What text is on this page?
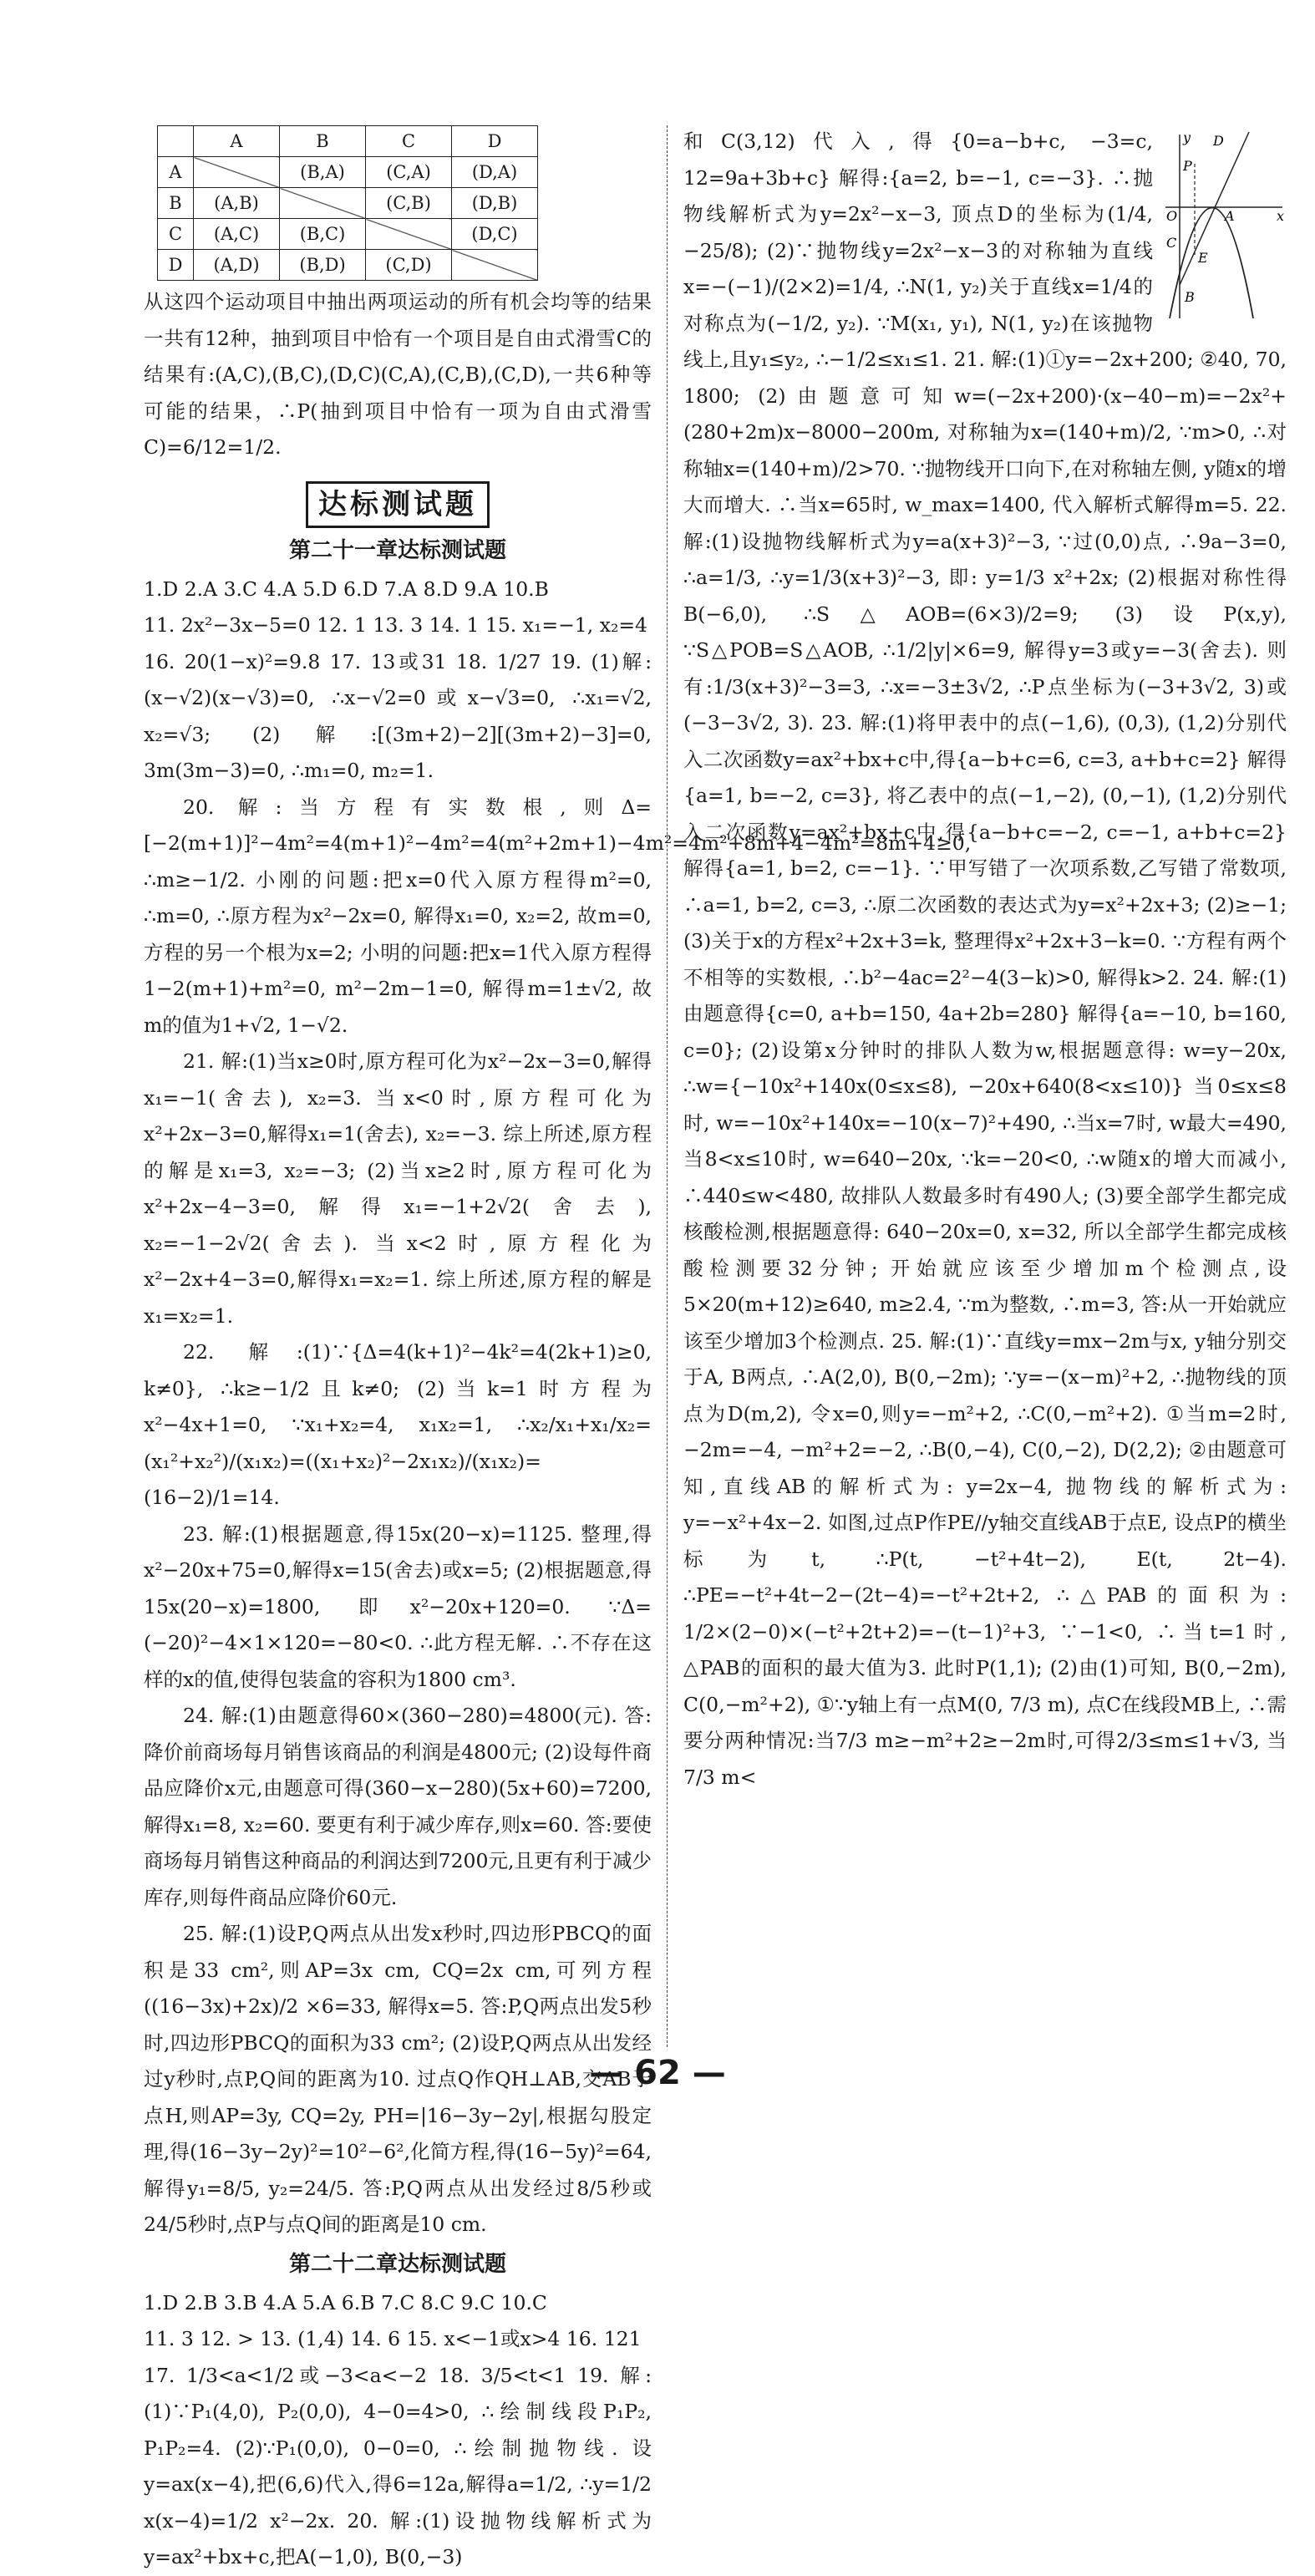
	A	B	C	D
A		(B,A)	(C,A)	(D,A)
B	(A,B)		(C,B)	(D,B)
C	(A,C)	(B,C)		(D,C)
D	(A,D)	(B,D)	(C,D)	
从这四个运动项目中抽出两项运动的所有机会均等的结果一共有12种，抽到项目中恰有一个项目是自由式滑雪C的结果有:(A,C),(B,C),(D,C)(C,A),(C,B),(C,D),一共6种等可能的结果，∴P(抽到项目中恰有一项为自由式滑雪C)=6/12=1/2.
达标测试题
第二十一章达标测试题
1.D 2.A 3.C 4.A 5.D 6.D 7.A 8.D 9.A 10.B
11. 2x²−3x−5=0 12. 1 13. 3 14. 1 15. x₁=−1, x₂=4
16. 20(1−x)²=9.8 17. 13或31 18. 1/27 19. (1)解:(x−√2)(x−√3)=0, ∴x−√2=0或x−√3=0, ∴x₁=√2, x₂=√3; (2)解:[(3m+2)−2][(3m+2)−3]=0, 3m(3m−3)=0, ∴m₁=0, m₂=1.
20. 解:当方程有实数根,则Δ=[−2(m+1)]²−4m²=4(m+1)²−4m²=4(m²+2m+1)−4m²=4m²+8m+4−4m²=8m+4≥0, ∴m≥−1/2. 小刚的问题:把x=0代入原方程得m²=0, ∴m=0, ∴原方程为x²−2x=0, 解得x₁=0, x₂=2, 故m=0, 方程的另一个根为x=2; 小明的问题:把x=1代入原方程得1−2(m+1)+m²=0, m²−2m−1=0, 解得m=1±√2, 故m的值为1+√2, 1−√2.
21. 解:(1)当x≥0时,原方程可化为x²−2x−3=0,解得x₁=−1(舍去), x₂=3. 当x<0时,原方程可化为x²+2x−3=0,解得x₁=1(舍去), x₂=−3. 综上所述,原方程的解是x₁=3, x₂=−3; (2)当x≥2时,原方程可化为x²+2x−4−3=0,解得x₁=−1+2√2(舍去), x₂=−1−2√2(舍去). 当x<2时,原方程化为x²−2x+4−3=0,解得x₁=x₂=1. 综上所述,原方程的解是x₁=x₂=1.
22. 解:(1)∵{Δ=4(k+1)²−4k²=4(2k+1)≥0, k≠0}, ∴k≥−1/2且k≠0; (2)当k=1时方程为x²−4x+1=0, ∵x₁+x₂=4, x₁x₂=1, ∴x₂/x₁+x₁/x₂=(x₁²+x₂²)/(x₁x₂)=((x₁+x₂)²−2x₁x₂)/(x₁x₂)=(16−2)/1=14.
23. 解:(1)根据题意,得15x(20−x)=1125. 整理,得x²−20x+75=0,解得x=15(舍去)或x=5; (2)根据题意,得15x(20−x)=1800, 即x²−20x+120=0. ∵Δ=(−20)²−4×1×120=−80<0. ∴此方程无解. ∴不存在这样的x的值,使得包装盒的容积为1800 cm³.
24. 解:(1)由题意得60×(360−280)=4800(元). 答:降价前商场每月销售该商品的利润是4800元; (2)设每件商品应降价x元,由题意可得(360−x−280)(5x+60)=7200, 解得x₁=8, x₂=60. 要更有利于减少库存,则x=60. 答:要使商场每月销售这种商品的利润达到7200元,且更有利于减少库存,则每件商品应降价60元.
25. 解:(1)设P,Q两点从出发x秒时,四边形PBCQ的面积是33 cm²,则AP=3x cm, CQ=2x cm,可列方程 ((16−3x)+2x)/2 ×6=33, 解得x=5. 答:P,Q两点出发5秒时,四边形PBCQ的面积为33 cm²; (2)设P,Q两点从出发经过y秒时,点P,Q间的距离为10. 过点Q作QH⊥AB,交AB于点H,则AP=3y, CQ=2y, PH=|16−3y−2y|,根据勾股定理,得(16−3y−2y)²=10²−6²,化简方程,得(16−5y)²=64,解得y₁=8/5, y₂=24/5. 答:P,Q两点从出发经过8/5秒或24/5秒时,点P与点Q间的距离是10 cm.
第二十二章达标测试题
1.D 2.B 3.B 4.A 5.A 6.B 7.C 8.C 9.C 10.C
11. 3 12. > 13. (1,4) 14. 6 15. x<−1或x>4 16. 121
17. 1/3<a<1/2或−3<a<−2 18. 3/5<t<1 19. 解:(1)∵P₁(4,0), P₂(0,0), 4−0=4>0, ∴绘制线段P₁P₂, P₁P₂=4. (2)∵P₁(0,0), 0−0=0, ∴绘制抛物线. 设y=ax(x−4),把(6,6)代入,得6=12a,解得a=1/2, ∴y=1/2 x(x−4)=1/2 x²−2x. 20. 解:(1)设抛物线解析式为y=ax²+bx+c,把A(−1,0), B(0,−3)
y
x
O	A
B
C
D
P
E
和C(3,12)代入,得{0=a−b+c, −3=c, 12=9a+3b+c} 解得:{a=2, b=−1, c=−3}. ∴抛物线解析式为y=2x²−x−3, 顶点D的坐标为(1/4, −25/8); (2)∵抛物线y=2x²−x−3的对称轴为直线x=−(−1)/(2×2)=1/4, ∴N(1, y₂)关于直线x=1/4的对称点为(−1/2, y₂). ∵M(x₁, y₁), N(1, y₂)在该抛物线上,且y₁≤y₂, ∴−1/2≤x₁≤1. 21. 解:(1)①y=−2x+200; ②40, 70, 1800; (2)由题意可知w=(−2x+200)·(x−40−m)=−2x²+(280+2m)x−8000−200m, 对称轴为x=(140+m)/2, ∵m>0, ∴对称轴x=(140+m)/2>70. ∵抛物线开口向下,在对称轴左侧, y随x的增大而增大. ∴当x=65时, w_max=1400, 代入解析式解得m=5. 22. 解:(1)设抛物线解析式为y=a(x+3)²−3, ∵过(0,0)点, ∴9a−3=0, ∴a=1/3, ∴y=1/3(x+3)²−3, 即: y=1/3 x²+2x; (2)根据对称性得B(−6,0), ∴S△AOB=(6×3)/2=9; (3)设P(x,y), ∵S△POB=S△AOB, ∴1/2|y|×6=9, 解得y=3或y=−3(舍去). 则有:1/3(x+3)²−3=3, ∴x=−3±3√2, ∴P点坐标为(−3+3√2, 3)或(−3−3√2, 3). 23. 解:(1)将甲表中的点(−1,6), (0,3), (1,2)分别代入二次函数y=ax²+bx+c中,得{a−b+c=6, c=3, a+b+c=2} 解得{a=1, b=−2, c=3}, 将乙表中的点(−1,−2), (0,−1), (1,2)分别代入二次函数y=ax²+bx+c中,得{a−b+c=−2, c=−1, a+b+c=2} 解得{a=1, b=2, c=−1}. ∵甲写错了一次项系数,乙写错了常数项, ∴a=1, b=2, c=3, ∴原二次函数的表达式为y=x²+2x+3; (2)≥−1; (3)关于x的方程x²+2x+3=k, 整理得x²+2x+3−k=0. ∵方程有两个不相等的实数根, ∴b²−4ac=2²−4(3−k)>0, 解得k>2. 24. 解:(1)由题意得{c=0, a+b=150, 4a+2b=280} 解得{a=−10, b=160, c=0}; (2)设第x分钟时的排队人数为w,根据题意得: w=y−20x, ∴w={−10x²+140x(0≤x≤8), −20x+640(8<x≤10)} 当0≤x≤8时, w=−10x²+140x=−10(x−7)²+490, ∴当x=7时, w最大=490, 当8<x≤10时, w=640−20x, ∵k=−20<0, ∴w随x的增大而减小, ∴440≤w<480, 故排队人数最多时有490人; (3)要全部学生都完成核酸检测,根据题意得: 640−20x=0, x=32, 所以全部学生都完成核酸检测要32分钟; 开始就应该至少增加m个检测点,设5×20(m+12)≥640, m≥2.4, ∵m为整数, ∴m=3, 答:从一开始就应该至少增加3个检测点. 25. 解:(1)∵直线y=mx−2m与x, y轴分别交于A, B两点, ∴A(2,0), B(0,−2m); ∵y=−(x−m)²+2, ∴抛物线的顶点为D(m,2), 令x=0,则y=−m²+2, ∴C(0,−m²+2). ①当m=2时, −2m=−4, −m²+2=−2, ∴B(0,−4), C(0,−2), D(2,2); ②由题意可知,直线AB的解析式为: y=2x−4, 抛物线的解析式为: y=−x²+4x−2. 如图,过点P作PE//y轴交直线AB于点E, 设点P的横坐标为t, ∴P(t, −t²+4t−2), E(t, 2t−4). ∴PE=−t²+4t−2−(2t−4)=−t²+2t+2, ∴△PAB的面积为: 1/2×(2−0)×(−t²+2t+2)=−(t−1)²+3, ∵−1<0, ∴当t=1时, △PAB的面积的最大值为3. 此时P(1,1); (2)由(1)可知, B(0,−2m), C(0,−m²+2), ①∵y轴上有一点M(0, 7/3 m), 点C在线段MB上, ∴需要分两种情况:当7/3 m≥−m²+2≥−2m时,可得2/3≤m≤1+√3, 当7/3 m<
— 62 —
